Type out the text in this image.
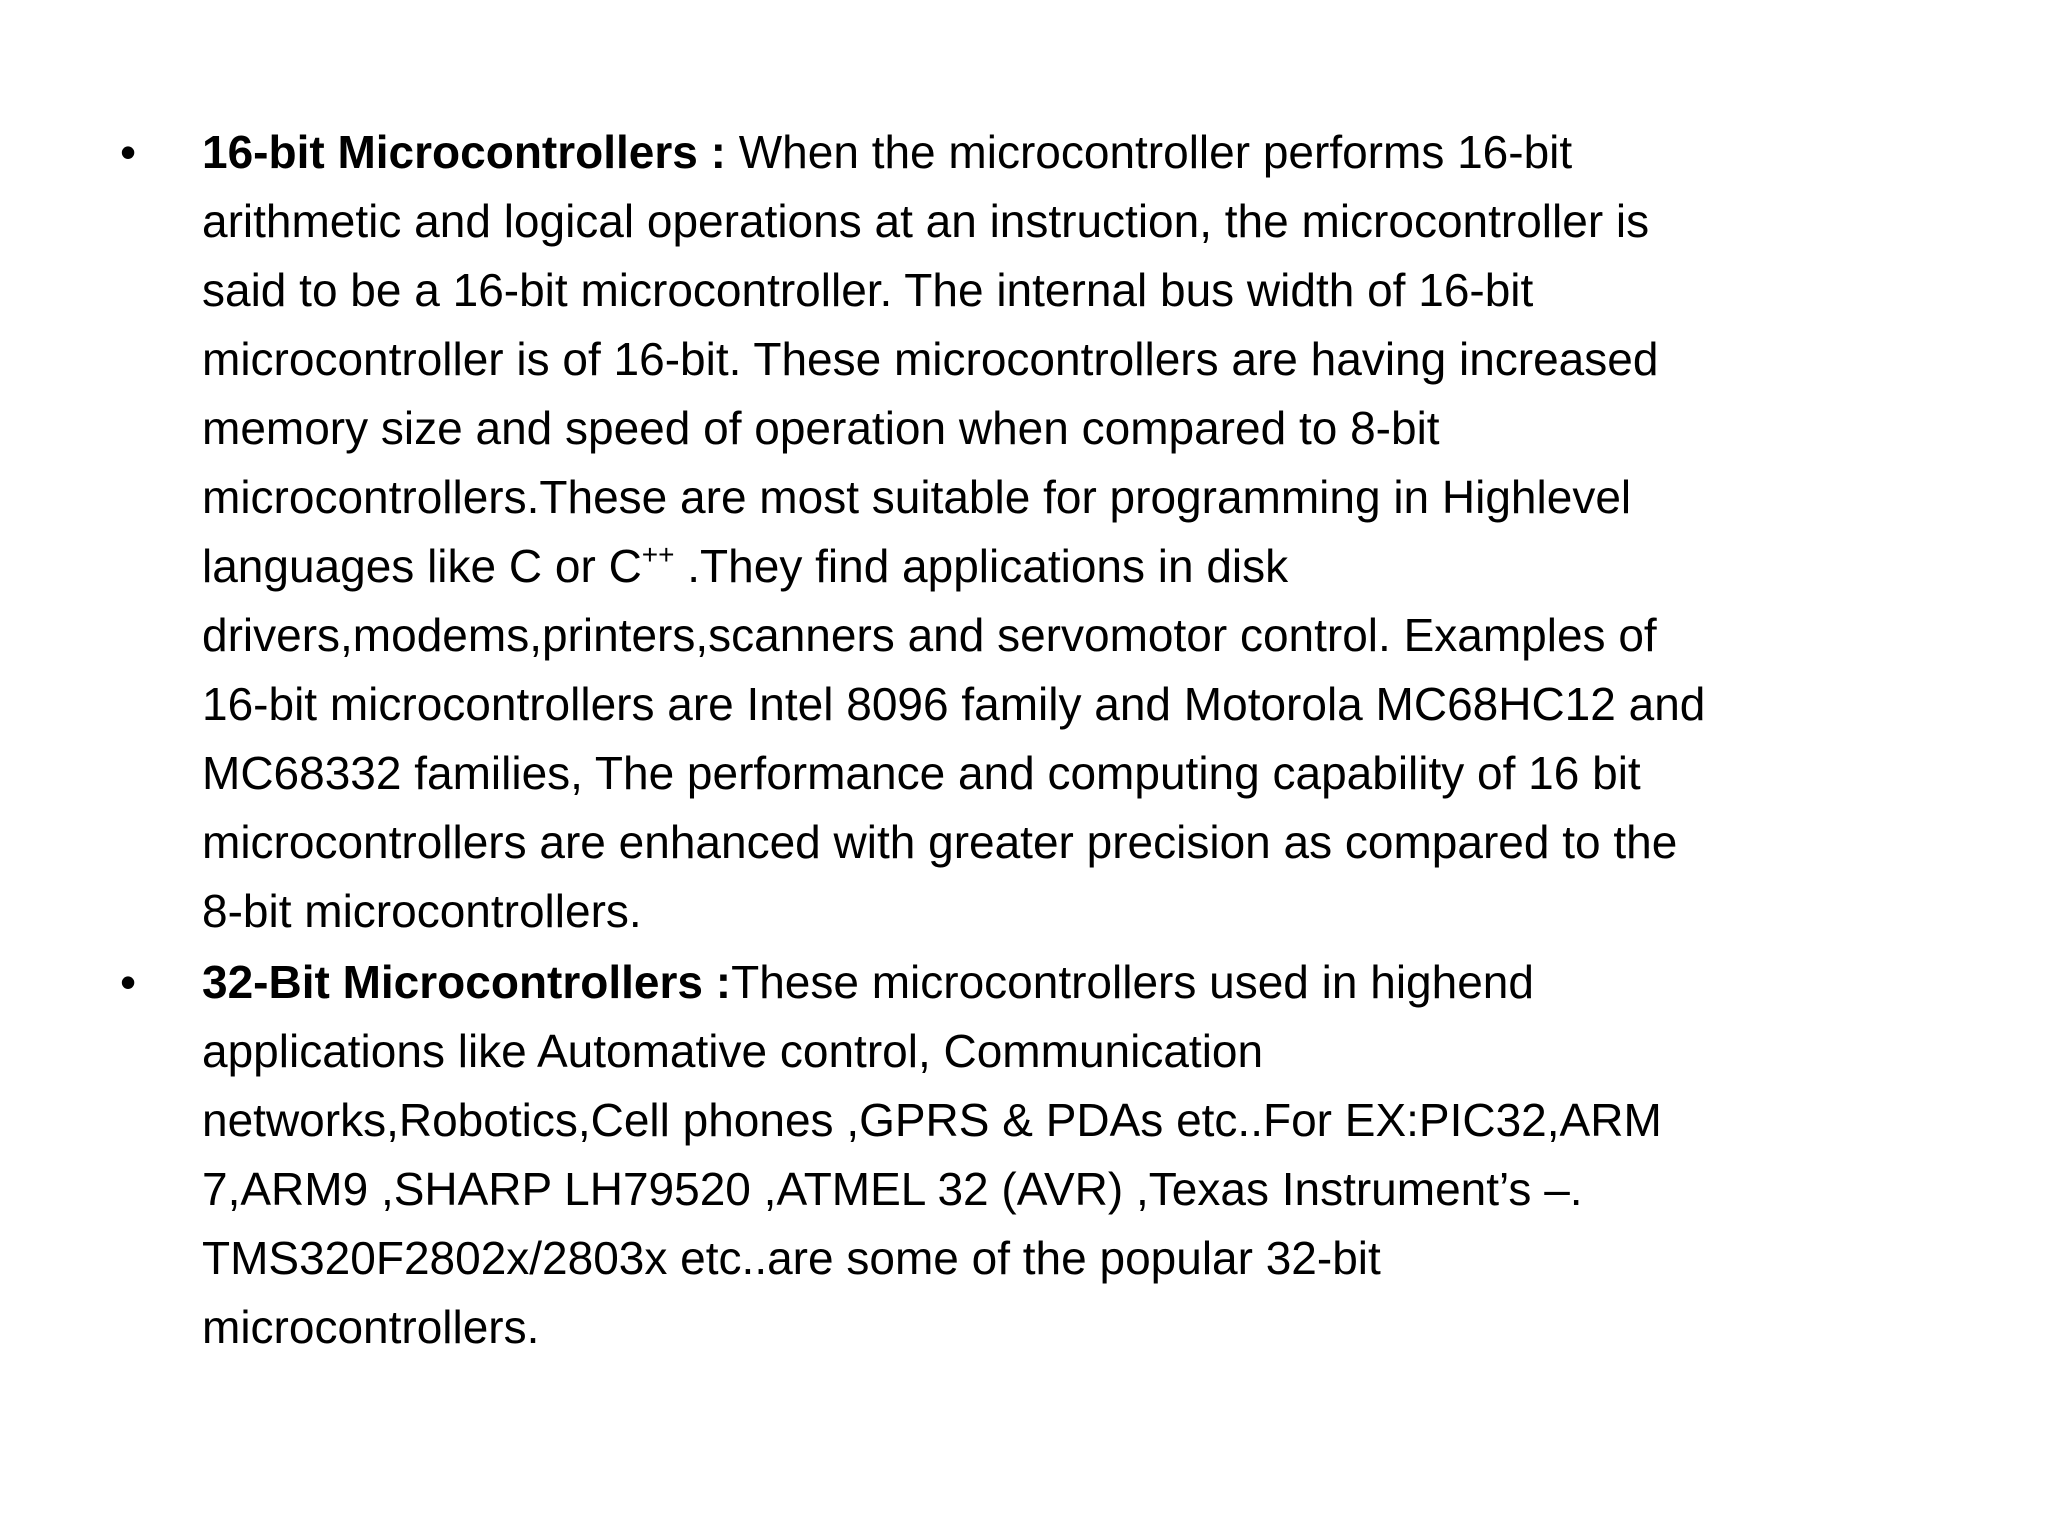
•	16-bit Microcontrollers : When the microcontroller performs 16-bit
arithmetic and logical operations at an instruction, the microcontroller is
said to be a 16-bit microcontroller. The internal bus width of 16-bit
microcontroller is of 16-bit. These microcontrollers are having increased
memory size and speed of operation when compared to 8-bit
microcontrollers.These are most suitable for programming in Highlevel
languages like C or C++ .They find applications in disk
drivers,modems,printers,scanners and servomotor control. Examples of
16-bit microcontrollers are Intel 8096 family and Motorola MC68HC12 and
MC68332 families, The performance and computing capability of 16 bit
microcontrollers are enhanced with greater precision as compared to the
8-bit microcontrollers.
•	32-Bit Microcontrollers :These microcontrollers used in highend
applications like Automative control, Communication
networks,Robotics,Cell phones ,GPRS & PDAs etc..For EX:PIC32,ARM
7,ARM9 ,SHARP LH79520 ,ATMEL 32 (AVR) ,Texas Instrument’s –.
TMS320F2802x/2803x etc..are some of the popular 32-bit
microcontrollers.
